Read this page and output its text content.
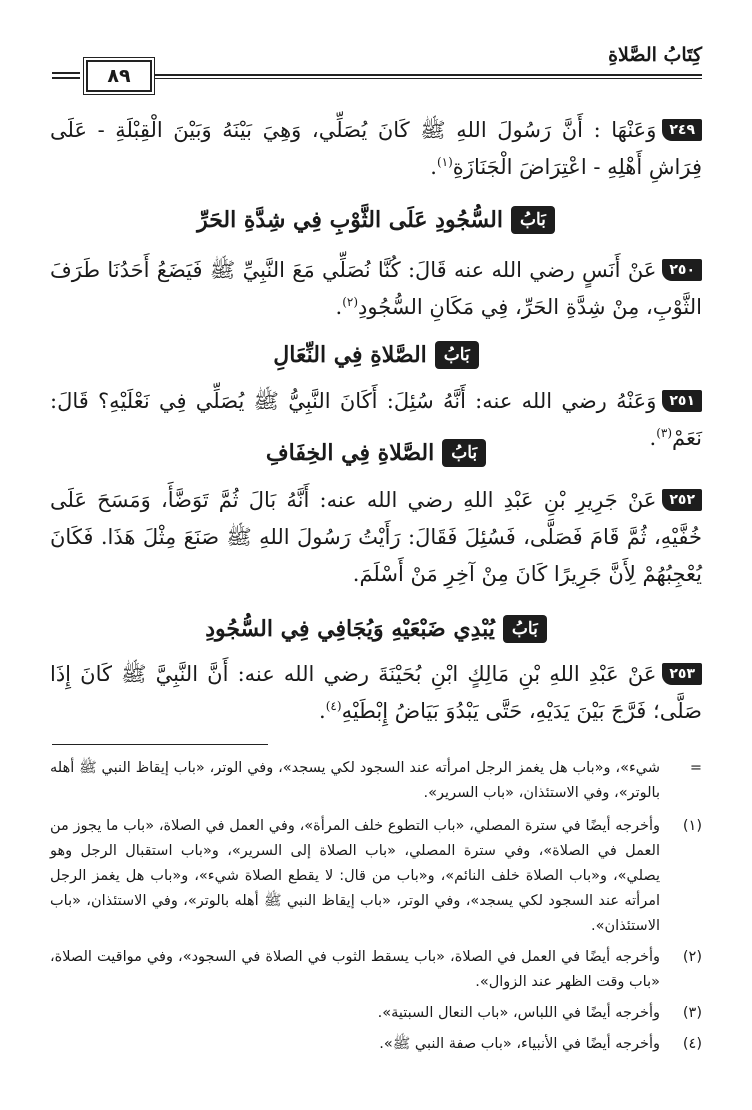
كِتَابُ الصَّلاةِ
٨٩
٢٤٩وَعَنْهَا : أَنَّ رَسُولَ اللهِ ﷺ كَانَ يُصَلِّي، وَهِيَ بَيْنَهُ وَبَيْنَ الْقِبْلَةِ - عَلَى فِرَاشِ أَهْلِهِ - اعْتِرَاضَ الْجَنَازَةِ$^{(١)}$.
بَابُالسُّجُودِ عَلَى الثَّوْبِ فِي شِدَّةِ الحَرِّ
٢٥٠عَنْ أَنَسٍ رضي الله عنه قَالَ: كُنَّا نُصَلِّي مَعَ النَّبِيِّ ﷺ فَيَضَعُ أَحَدُنَا طَرَفَ الثَّوْبِ، مِنْ شِدَّةِ الحَرِّ، فِي مَكَانِ السُّجُودِ$^{(٢)}$.
بَابُالصَّلاةِ فِي النِّعَالِ
٢٥١وَعَنْهُ رضي الله عنه: أَنَّهُ سُئِلَ: أَكَانَ النَّبِيُّ ﷺ يُصَلِّي فِي نَعْلَيْهِ؟ قَالَ: نَعَمْ$^{(٣)}$.
بَابُالصَّلاةِ فِي الخِفَافِ
٢٥٢عَنْ جَرِيرِ بْنِ عَبْدِ اللهِ رضي الله عنه: أَنَّهُ بَالَ ثُمَّ تَوَضَّأَ، وَمَسَحَ عَلَى خُفَّيْهِ، ثُمَّ قَامَ فَصَلَّى، فَسُئِلَ فَقَالَ: رَأَيْتُ رَسُولَ اللهِ ﷺ صَنَعَ مِثْلَ هَذَا. فَكَانَ يُعْجِبُهُمْ لِأَنَّ جَرِيرًا كَانَ مِنْ آخِرِ مَنْ أَسْلَمَ.
بَابُيُبْدِي ضَبْعَيْهِ وَيُجَافِي فِي السُّجُودِ
٢٥٣عَنْ عَبْدِ اللهِ بْنِ مَالِكٍ ابْنِ بُحَيْنَةَ رضي الله عنه: أَنَّ النَّبِيَّ ﷺ كَانَ إِذَا صَلَّى؛ فَرَّجَ بَيْنَ يَدَيْهِ، حَتَّى يَبْدُوَ بَيَاضُ إِبْطَيْهِ$^{(٤)}$.
=
شيء»، و«باب هل يغمز الرجل امرأته عند السجود لكي يسجد»، وفي الوتر، «باب إيقاظ النبي ﷺ أهله بالوتر»، وفي الاستئذان، «باب السرير».
(١)
وأخرجه أيضًا في سترة المصلي، «باب التطوع خلف المرأة»، وفي العمل في الصلاة، «باب ما يجوز من العمل في الصلاة»، وفي سترة المصلي، «باب الصلاة إلى السرير»، و«باب استقبال الرجل وهو يصلي»، و«باب الصلاة خلف النائم»، و«باب من قال: لا يقطع الصلاة شيء»، و«باب هل يغمز الرجل امرأته عند السجود لكي يسجد»، وفي الوتر، «باب إيقاظ النبي ﷺ أهله بالوتر»، وفي الاستئذان، «باب الاستئذان».
(٢)
وأخرجه أيضًا في العمل في الصلاة، «باب يسقط الثوب في الصلاة في السجود»، وفي مواقيت الصلاة، «باب وقت الظهر عند الزوال».
(٣)
وأخرجه أيضًا في اللباس، «باب النعال السبتية».
(٤)
وأخرجه أيضًا في الأنبياء، «باب صفة النبي ﷺ».
